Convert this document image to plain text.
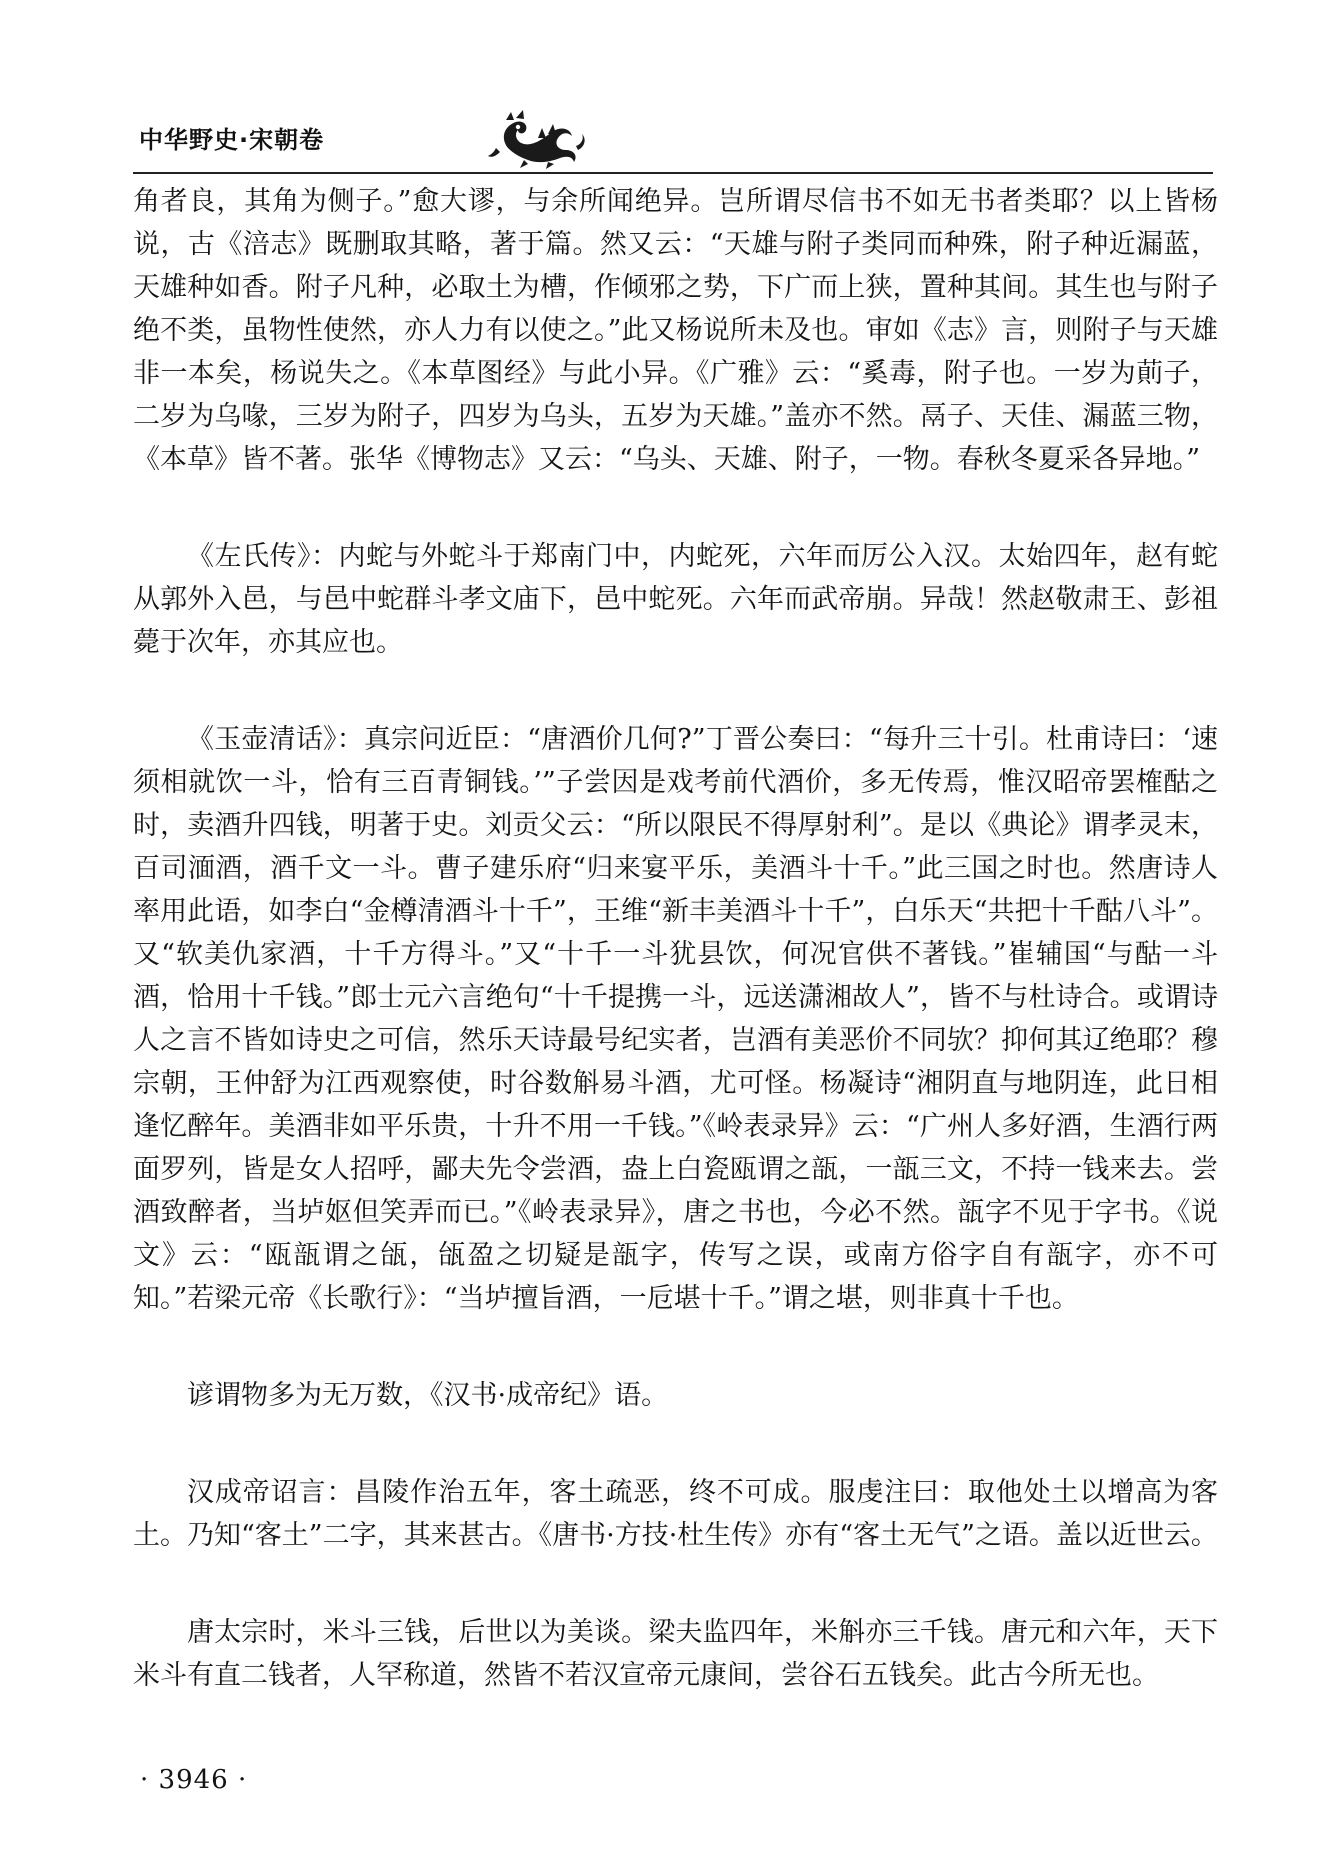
中华野史·宋朝卷

角者良，其角为侧子。”愈大谬，与余所闻绝异。岂所谓尽信书不如无书者类耶？以上皆杨说，古《涪志》既删取其略，著于篇。然又云：“天雄与附子类同而种殊，附子种近漏蓝，天雄种如香。附子凡种，必取土为槽，作倾邪之势，下广而上狭，置种其间。其生也与附子绝不类，虽物性使然，亦人力有以使之。”此又杨说所未及也。审如《志》言，则附子与天雄非一本矣，杨说失之。《本草图经》与此小异。《广雅》云：“奚毒，附子也。一岁为萴子，二岁为乌喙，三岁为附子，四岁为乌头，五岁为天雄。”盖亦不然。鬲子、天佳、漏蓝三物，《本草》皆不著。张华《博物志》又云：“乌头、天雄、附子，一物。春秋冬夏采各异地。”

《左氏传》：内蛇与外蛇斗于郑南门中，内蛇死，六年而厉公入汉。太始四年，赵有蛇从郭外入邑，与邑中蛇群斗孝文庙下，邑中蛇死。六年而武帝崩。异哉！然赵敬肃王、彭祖薨于次年，亦其应也。

《玉壶清话》：真宗问近臣：“唐酒价几何?”丁晋公奏曰：“每升三十引。杜甫诗曰：‘速须相就饮一斗，恰有三百青铜钱。’”子尝因是戏考前代酒价，多无传焉，惟汉昭帝罢榷酤之时，卖酒升四钱，明著于史。刘贡父云：“所以限民不得厚射利”。是以《典论》谓孝灵末，百司湎酒，酒千文一斗。曹子建乐府“归来宴平乐，美酒斗十千。”此三国之时也。然唐诗人率用此语，如李白“金樽清酒斗十千”，王维“新丰美酒斗十千”，白乐天“共把十千酤八斗”。又“软美仇家酒，十千方得斗。”又“十千一斗犹县饮，何况官供不著钱。”崔辅国“与酤一斗酒，恰用十千钱。”郎士元六言绝句“十千提携一斗，远送潇湘故人”，皆不与杜诗合。或谓诗人之言不皆如诗史之可信，然乐天诗最号纪实者，岂酒有美恶价不同欤？抑何其辽绝耶？穆宗朝，王仲舒为江西观察使，时谷数斛易斗酒，尤可怪。杨凝诗“湘阴直与地阴连，此日相逢忆醉年。美酒非如平乐贵，十升不用一千钱。”《岭表录异》云：“广州人多好酒，生酒行两面罗列，皆是女人招呼，鄙夫先令尝酒，盎上白瓷瓯谓之瓿，一瓿三文，不持一钱来去。尝酒致醉者，当垆妪但笑弄而已。”《岭表录异》，唐之书也，今必不然。瓿字不见于字书。《说文》云：“瓯瓿谓之瓵，瓵盈之切疑是瓿字，传写之误，或南方俗字自有瓿字，亦不可知。”若梁元帝《长歌行》：“当垆擅旨酒，一卮堪十千。”谓之堪，则非真十千也。

谚谓物多为无万数，《汉书·成帝纪》语。

汉成帝诏言：昌陵作治五年，客土疏恶，终不可成。服虔注曰：取他处土以增高为客土。乃知“客土”二字，其来甚古。《唐书·方技·杜生传》亦有“客土无气”之语。盖以近世云。

唐太宗时，米斗三钱，后世以为美谈。梁夫监四年，米斛亦三千钱。唐元和六年，天下米斗有直二钱者，人罕称道，然皆不若汉宣帝元康间，尝谷石五钱矣。此古今所无也。

· 3946 ·
